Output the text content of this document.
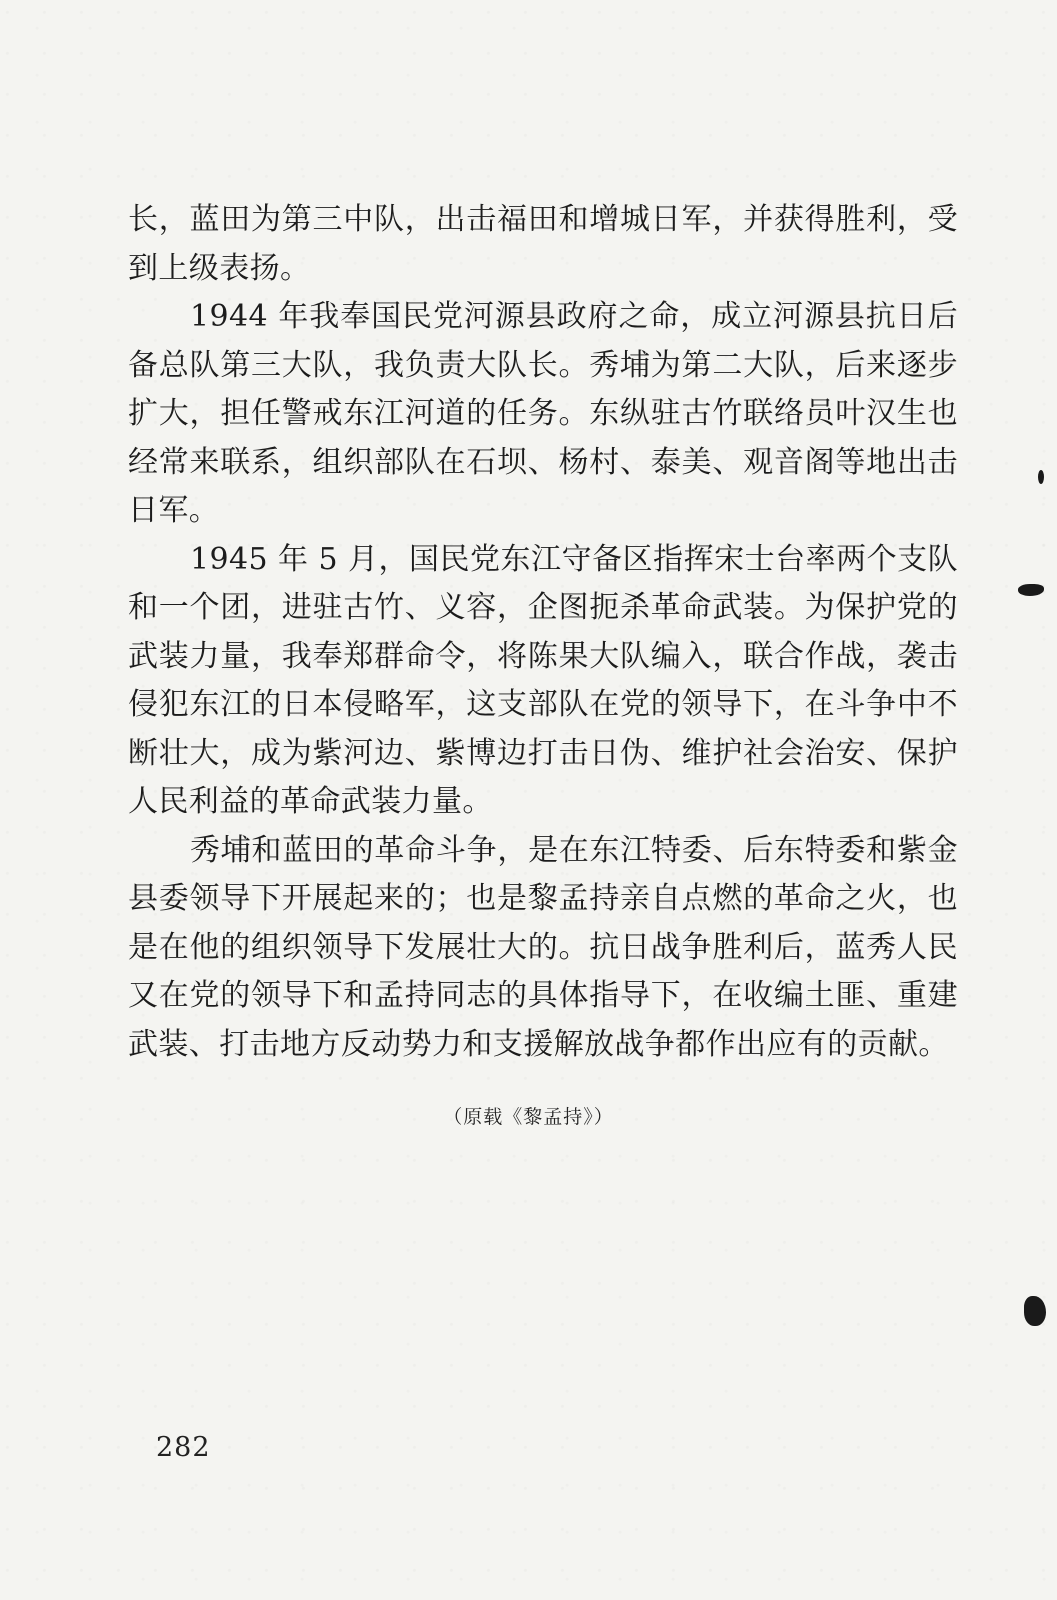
长，蓝田为第三中队，出击福田和增城日军，并获得胜利，受到上级表扬。

1944 年我奉国民党河源县政府之命，成立河源县抗日后备总队第三大队，我负责大队长。秀埔为第二大队，后来逐步扩大，担任警戒东江河道的任务。东纵驻古竹联络员叶汉生也经常来联系，组织部队在石坝、杨村、泰美、观音阁等地出击日军。

1945 年 5 月，国民党东江守备区指挥宋士台率两个支队和一个团，进驻古竹、义容，企图扼杀革命武装。为保护党的武装力量，我奉郑群命令，将陈果大队编入，联合作战，袭击侵犯东江的日本侵略军，这支部队在党的领导下，在斗争中不断壮大，成为紫河边、紫博边打击日伪、维护社会治安、保护人民利益的革命武装力量。

秀埔和蓝田的革命斗争，是在东江特委、后东特委和紫金县委领导下开展起来的；也是黎孟持亲自点燃的革命之火，也是在他的组织领导下发展壮大的。抗日战争胜利后，蓝秀人民又在党的领导下和孟持同志的具体指导下，在收编土匪、重建武装、打击地方反动势力和支援解放战争都作出应有的贡献。

（原载《黎孟持》）
282
